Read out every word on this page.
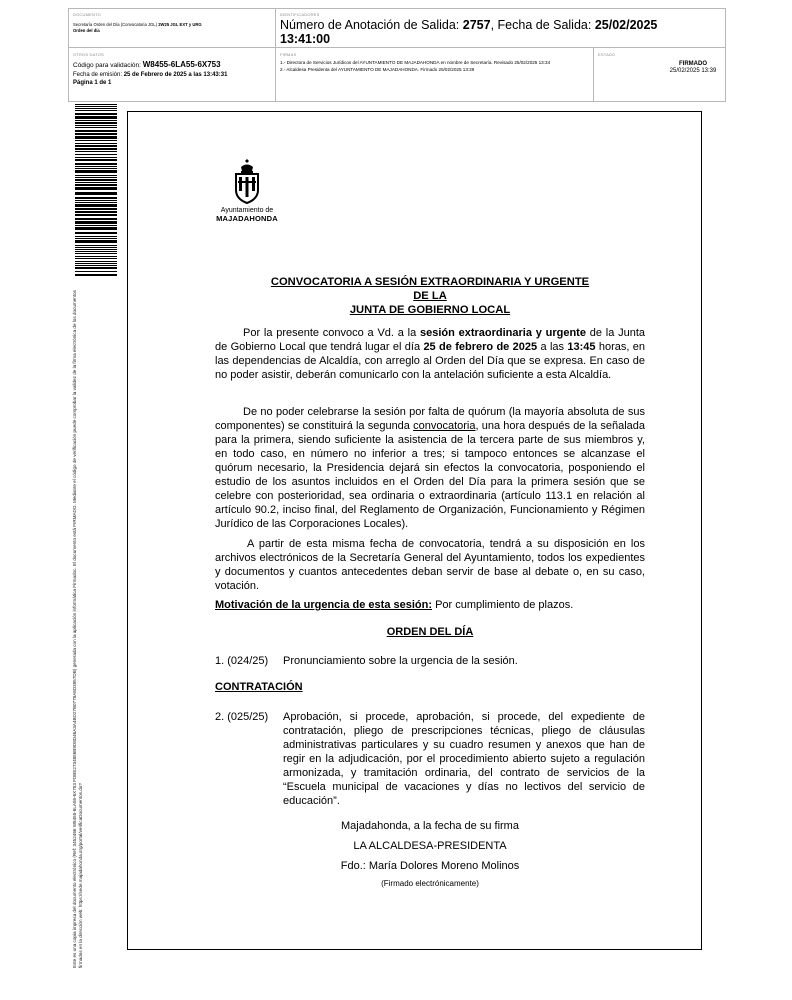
DOCUMENTO
Secretaría Orden del Día (Convocatoria JGL) 2W25 JGL EXT y URG
Orden del día
IDENTIFICADORES
Número de Anotación de Salida: 2757, Fecha de Salida: 25/02/2025
13:41:00
OTROS DATOS
Código para validación: W8455-6LA55-6X753
Fecha de emisión: 25 de Febrero de 2025 a las 13:43:31
Página 1 de 1
FIRMAS
1.- Directora de Servicios Jurídicos del AYUNTAMIENTO DE MAJADAHONDA en nombre de Secretaría. Revisado 25/02/2025 13:34
2.- Alcaldesa Presidenta del AYUNTAMIENTO DE MAJADAHONDA. Firmado 25/02/2025 13:39
ESTADO
FIRMADO
25/02/2025 13:39
Este es una copia impresa del documento electrónico (Ref: 3452466 W8455-6LA55-6X753 FDBE2734856B9D8D46A3A4BD27B0778A8D3957DB) generada con la aplicación informática Firmadoc. El documento está FIRMADO. Mediante el código de verificación puede comprobar la validez de la firma electrónica de los documentos firmados en la dirección web: https://sede.majadahonda.org/portal/verificaDocumentos.do?
Ayuntamiento de
MAJADAHONDA
CONVOCATORIA A SESIÓN EXTRAORDINARIA Y URGENTE
DE LA
JUNTA DE GOBIERNO LOCAL
Por la presente convoco a Vd. a la sesión extraordinaria y urgente de la Junta de Gobierno Local que tendrá lugar el día 25 de febrero de 2025 a las 13:45 horas, en las dependencias de Alcaldía, con arreglo al Orden del Día que se expresa. En caso de no poder asistir, deberán comunicarlo con la antelación suficiente a esta Alcaldía.
De no poder celebrarse la sesión por falta de quórum (la mayoría absoluta de sus componentes) se constituirá la segunda convocatoria, una hora después de la señalada para la primera, siendo suficiente la asistencia de la tercera parte de sus miembros y, en todo caso, en número no inferior a tres; si tampoco entonces se alcanzase el quórum necesario, la Presidencia dejará sin efectos la convocatoria, posponiendo el estudio de los asuntos incluidos en el Orden del Día para la primera sesión que se celebre con posterioridad, sea ordinaria o extraordinaria (artículo 113.1 en relación al artículo 90.2, inciso final, del Reglamento de Organización, Funcionamiento y Régimen Jurídico de las Corporaciones Locales).
A partir de esta misma fecha de convocatoria, tendrá a su disposición en los archivos electrónicos de la Secretaría General del Ayuntamiento, todos los expedientes y documentos y cuantos antecedentes deban servir de base al debate o, en su caso, votación.
Motivación de la urgencia de esta sesión: Por cumplimiento de plazos.
ORDEN DEL DÍA
1. (024/25)	Pronunciamiento sobre la urgencia de la sesión.
CONTRATACIÓN
2. (025/25)	Aprobación, si procede, aprobación, si procede, del expediente de contratación, pliego de prescripciones técnicas, pliego de cláusulas administrativas particulares y su cuadro resumen y anexos que han de regir en la adjudicación, por el procedimiento abierto sujeto a regulación armonizada, y tramitación ordinaria, del contrato de servicios de la “Escuela municipal de vacaciones y días no lectivos del servicio de educación”.
Majadahonda, a la fecha de su firma
LA ALCALDESA-PRESIDENTA
Fdo.: María Dolores Moreno Molinos
(Firmado electrónicamente)
